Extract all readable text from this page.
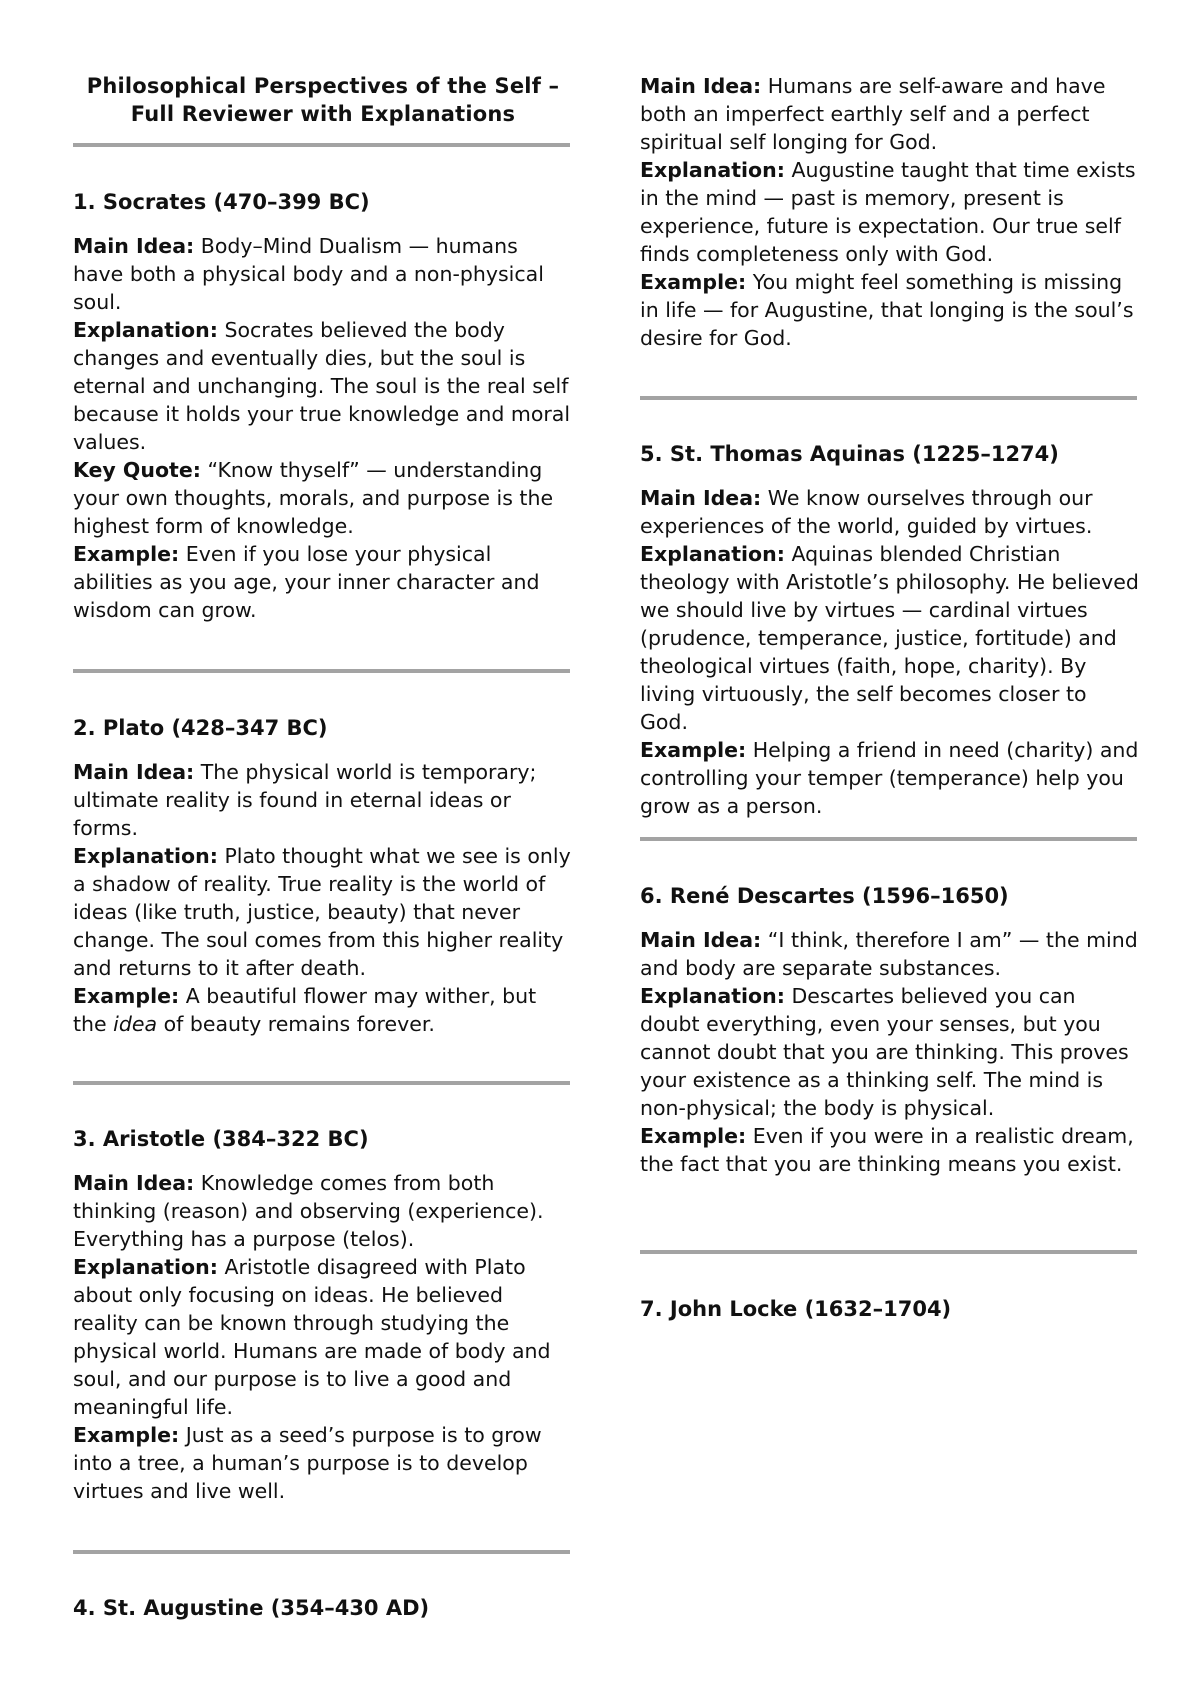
Philosophical Perspectives of the Self – Full Reviewer with Explanations
1. Socrates (470–399 BC)

Main Idea: Body–Mind Dualism — humans have both a physical body and a non-physical soul.

Explanation: Socrates believed the body changes and eventually dies, but the soul is eternal and unchanging. The soul is the real self because it holds your true knowledge and moral values.

Key Quote: “Know thyself” — understanding your own thoughts, morals, and purpose is the highest form of knowledge.

Example: Even if you lose your physical abilities as you age, your inner character and wisdom can grow.

2. Plato (428–347 BC)

Main Idea: The physical world is temporary; ultimate reality is found in eternal ideas or forms.

Explanation: Plato thought what we see is only a shadow of reality. True reality is the world of ideas (like truth, justice, beauty) that never change. The soul comes from this higher reality and returns to it after death.

Example: A beautiful flower may wither, but the idea of beauty remains forever.

3. Aristotle (384–322 BC)

Main Idea: Knowledge comes from both thinking (reason) and observing (experience). Everything has a purpose (telos).

Explanation: Aristotle disagreed with Plato about only focusing on ideas. He believed reality can be known through studying the physical world. Humans are made of body and soul, and our purpose is to live a good and meaningful life.

Example: Just as a seed’s purpose is to grow into a tree, a human’s purpose is to develop virtues and live well.

4. St. Augustine (354–430 AD)

Main Idea: Humans are self-aware and have both an imperfect earthly self and a perfect spiritual self longing for God.

Explanation: Augustine taught that time exists in the mind — past is memory, present is experience, future is expectation. Our true self finds completeness only with God.

Example: You might feel something is missing in life — for Augustine, that longing is the soul’s desire for God.

5. St. Thomas Aquinas (1225–1274)

Main Idea: We know ourselves through our experiences of the world, guided by virtues.

Explanation: Aquinas blended Christian theology with Aristotle’s philosophy. He believed we should live by virtues — cardinal virtues (prudence, temperance, justice, fortitude) and theological virtues (faith, hope, charity). By living virtuously, the self becomes closer to God.

Example: Helping a friend in need (charity) and controlling your temper (temperance) help you grow as a person.

6. René Descartes (1596–1650)

Main Idea: “I think, therefore I am” — the mind and body are separate substances.

Explanation: Descartes believed you can doubt everything, even your senses, but you cannot doubt that you are thinking. This proves your existence as a thinking self. The mind is non-physical; the body is physical.

Example: Even if you were in a realistic dream, the fact that you are thinking means you exist.

7. John Locke (1632–1704)
